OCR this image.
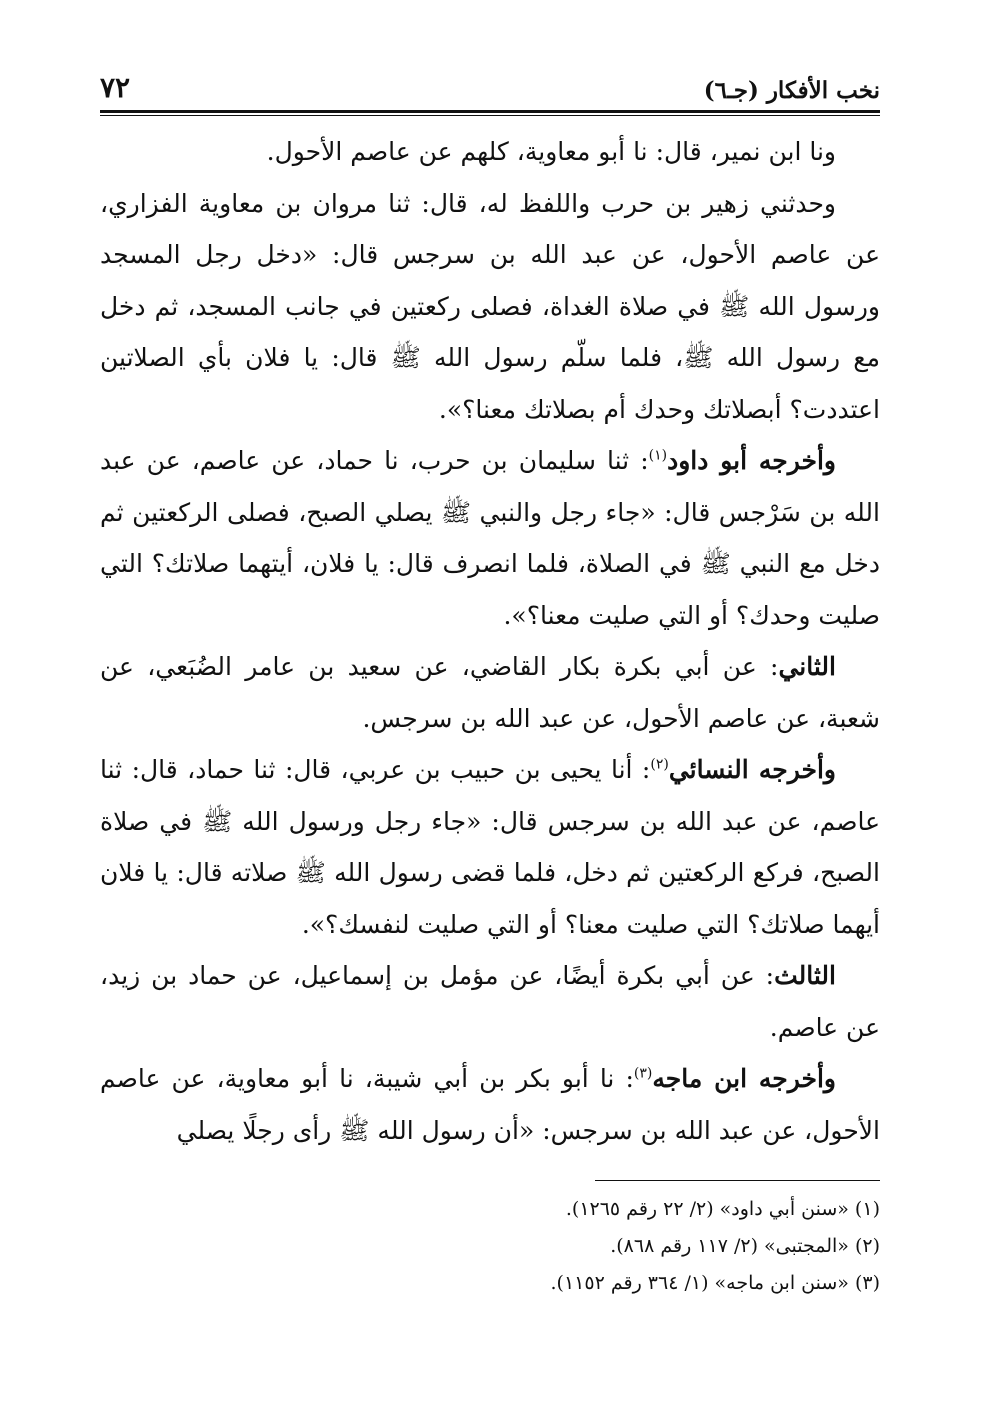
نخب الأفكار (جـ٦)
٧٢

ونا ابن نمير، قال: نا أبو معاوية، كلهم عن عاصم الأحول.

وحدثني زهير بن حرب واللفظ له، قال: ثنا مروان بن معاوية الفزاري، عن عاصم الأحول، عن عبد الله بن سرجس قال: «دخل رجل المسجد ورسول الله ﷺ في صلاة الغداة، فصلى ركعتين في جانب المسجد، ثم دخل مع رسول الله ﷺ، فلما سلّم رسول الله ﷺ قال: يا فلان بأي الصلاتين اعتددت؟ أبصلاتك وحدك أم بصلاتك معنا؟».

وأخرجه أبو داود$^{(١)}$: ثنا سليمان بن حرب، نا حماد، عن عاصم، عن عبد الله بن سَرْجس قال: «جاء رجل والنبي ﷺ يصلي الصبح، فصلى الركعتين ثم دخل مع النبي ﷺ في الصلاة، فلما انصرف قال: يا فلان، أيتهما صلاتك؟ التي صليت وحدك؟ أو التي صليت معنا؟».

الثاني: عن أبي بكرة بكار القاضي، عن سعيد بن عامر الضُبَعي، عن شعبة، عن عاصم الأحول، عن عبد الله بن سرجس.

وأخرجه النسائي$^{(٢)}$: أنا يحيى بن حبيب بن عربي، قال: ثنا حماد، قال: ثنا عاصم، عن عبد الله بن سرجس قال: «جاء رجل ورسول الله ﷺ في صلاة الصبح، فركع الركعتين ثم دخل، فلما قضى رسول الله ﷺ صلاته قال: يا فلان أيهما صلاتك؟ التي صليت معنا؟ أو التي صليت لنفسك؟».

الثالث: عن أبي بكرة أيضًا، عن مؤمل بن إسماعيل، عن حماد بن زيد، عن عاصم.

وأخرجه ابن ماجه$^{(٣)}$: نا أبو بكر بن أبي شيبة، نا أبو معاوية، عن عاصم الأحول، عن عبد الله بن سرجس: «أن رسول الله ﷺ رأى رجلًا يصلي

(١) «سنن أبي داود» (٢/ ٢٢ رقم ١٢٦٥).

(٢) «المجتبى» (٢/ ١١٧ رقم ٨٦٨).

(٣) «سنن ابن ماجه» (١/ ٣٦٤ رقم ١١٥٢).
